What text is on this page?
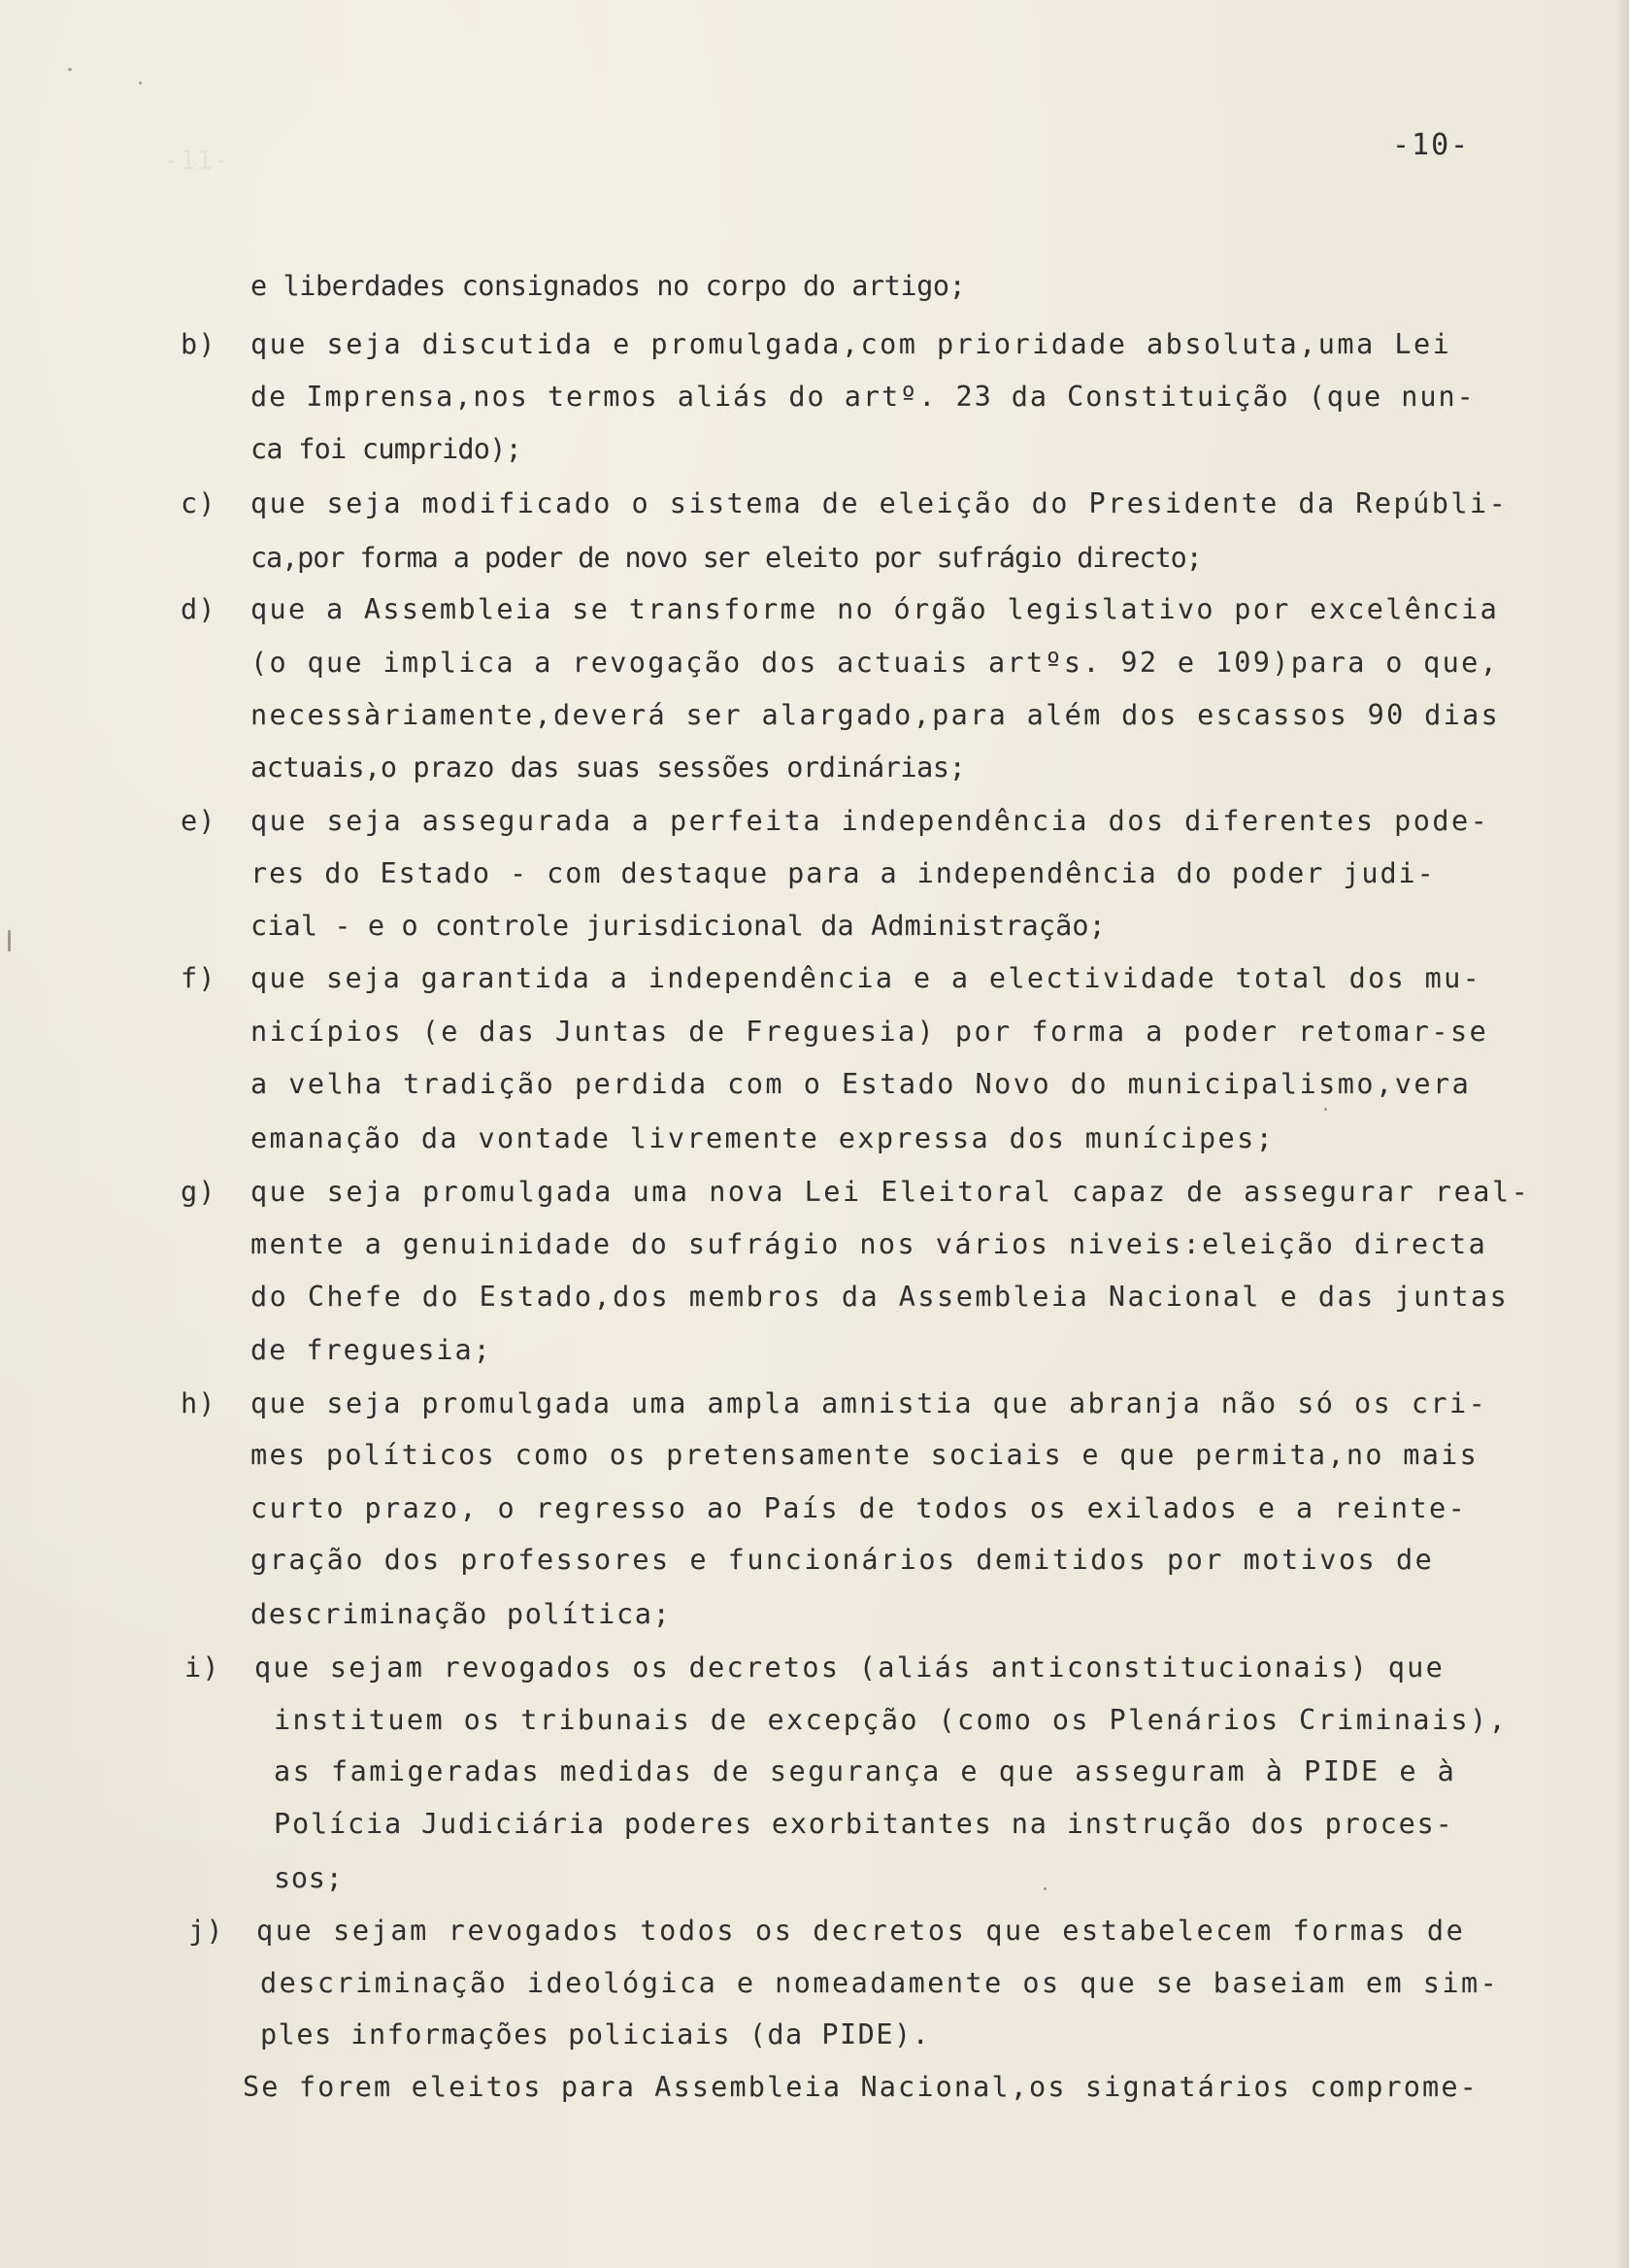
-11-	-10-
e liberdades consignados no corpo do artigo;
b) que seja discutida e promulgada,com prioridade absoluta,uma Lei
de Imprensa,nos termos aliás do artº. 23 da Constituição (que nun-
ca foi cumprido);
c) que seja modificado o sistema de eleição do Presidente da Repúbli-
ca,por forma a poder de novo ser eleito por sufrágio directo;
d) que a Assembleia se transforme no órgão legislativo por excelência
(o que implica a revogação dos actuais artºs. 92 e 109)para o que,
necessàriamente,deverá ser alargado,para além dos escassos 90 dias
actuais,o prazo das suas sessões ordinárias;
e) que seja assegurada a perfeita independência dos diferentes pode-
res do Estado - com destaque para a independência do poder judi-
cial - e o controle jurisdicional da Administração;
f) que seja garantida a independência e a electividade total dos mu-
nicípios (e das Juntas de Freguesia) por forma a poder retomar-se
a velha tradição perdida com o Estado Novo do municipalismo,vera
emanação da vontade livremente expressa dos munícipes;
g) que seja promulgada uma nova Lei Eleitoral capaz de assegurar real-
mente a genuinidade do sufrágio nos vários niveis:eleição directa
do Chefe do Estado,dos membros da Assembleia Nacional e das juntas
de freguesia;
h) que seja promulgada uma ampla amnistia que abranja não só os cri-
mes políticos como os pretensamente sociais e que permita,no mais
curto prazo, o regresso ao País de todos os exilados e a reinte-
gração dos professores e funcionários demitidos por motivos de
descriminação política;
i) que sejam revogados os decretos (aliás anticonstitucionais) que
instituem os tribunais de excepção (como os Plenários Criminais),
as famigeradas medidas de segurança e que asseguram à PIDE e à
Polícia Judiciária poderes exorbitantes na instrução dos proces-
sos;
j) que sejam revogados todos os decretos que estabelecem formas de
descriminação ideológica e nomeadamente os que se baseiam em sim-
ples informações policiais (da PIDE).
Se forem eleitos para Assembleia Nacional,os signatários comprome-
